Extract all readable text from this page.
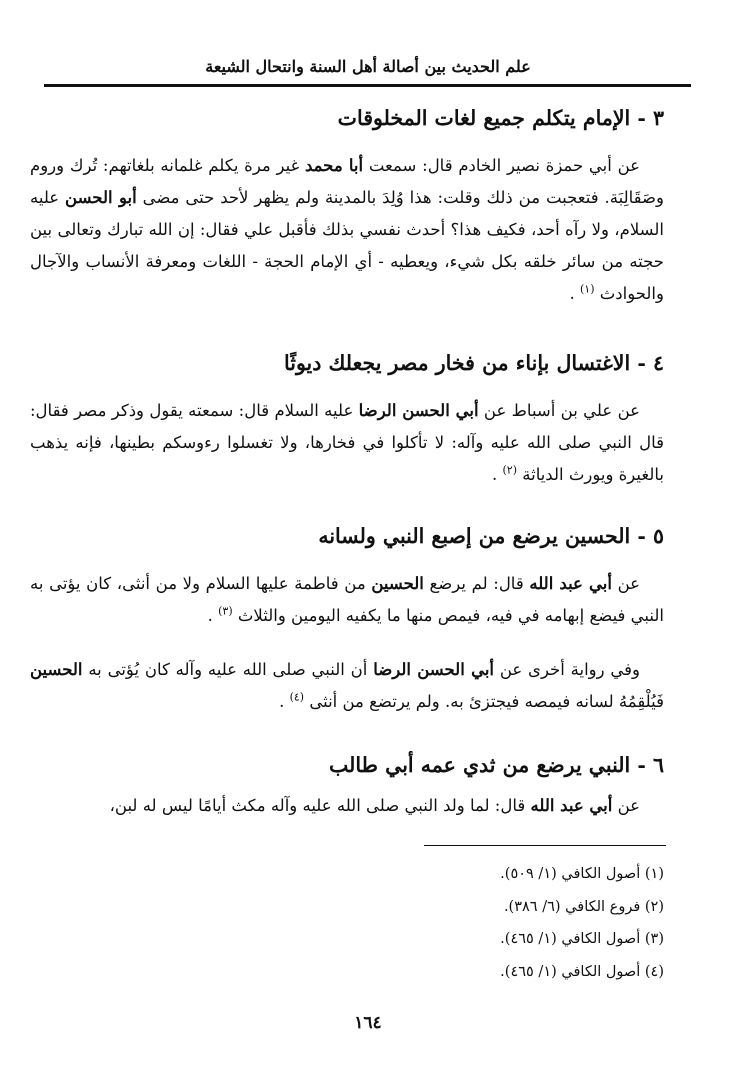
علم الحديث بين أصالة أهل السنة وانتحال الشيعة
٣ - الإمام يتكلم جميع لغات المخلوقات

عن أبي حمزة نصير الخادم قال: سمعت أبا محمد غير مرة يكلم غلمانه بلغاتهم: تُرك وروم وصَقَالِبَة. فتعجبت من ذلك وقلت: هذا وُلِدَ بالمدينة ولم يظهر لأحد حتى مضى أبو الحسن عليه السلام، ولا رآه أحد، فكيف هذا؟ أحدث نفسي بذلك فأقبل علي فقال: إن الله تبارك وتعالى بين حجته من سائر خلقه بكل شيء، ويعطيه - أي الإمام الحجة - اللغات ومعرفة الأنساب والآجال والحوادث $^{(١)}$ .

٤ - الاغتسال بإناء من فخار مصر يجعلك ديوثًا

عن علي بن أسباط عن أبي الحسن الرضا عليه السلام قال: سمعته يقول وذكر مصر فقال: قال النبي صلى الله عليه وآله: لا تأكلوا في فخارها، ولا تغسلوا رءوسكم بطينها، فإنه يذهب بالغيرة ويورث الدياثة $^{(٢)}$ .

٥ - الحسين يرضع من إصبع النبي ولسانه

عن أبي عبد الله قال: لم يرضع الحسين من فاطمة عليها السلام ولا من أنثى، كان يؤتى به النبي فيضع إبهامه في فيه، فيمص منها ما يكفيه اليومين والثلاث $^{(٣)}$ .

وفي رواية أخرى عن أبي الحسن الرضا أن النبي صلى الله عليه وآله كان يُؤتى به الحسين فَيُلْقِمُهُ لسانه فيمصه فيجتزئ به. ولم يرتضع من أنثى $^{(٤)}$ .

٦ - النبي يرضع من ثدي عمه أبي طالب

عن أبي عبد الله قال: لما ولد النبي صلى الله عليه وآله مكث أيامًا ليس له لبن،

(١) أصول الكافي (١/ ٥٠٩).
(٢) فروع الكافي (٦/ ٣٨٦).
(٣) أصول الكافي (١/ ٤٦٥).
(٤) أصول الكافي (١/ ٤٦٥).
١٦٤
